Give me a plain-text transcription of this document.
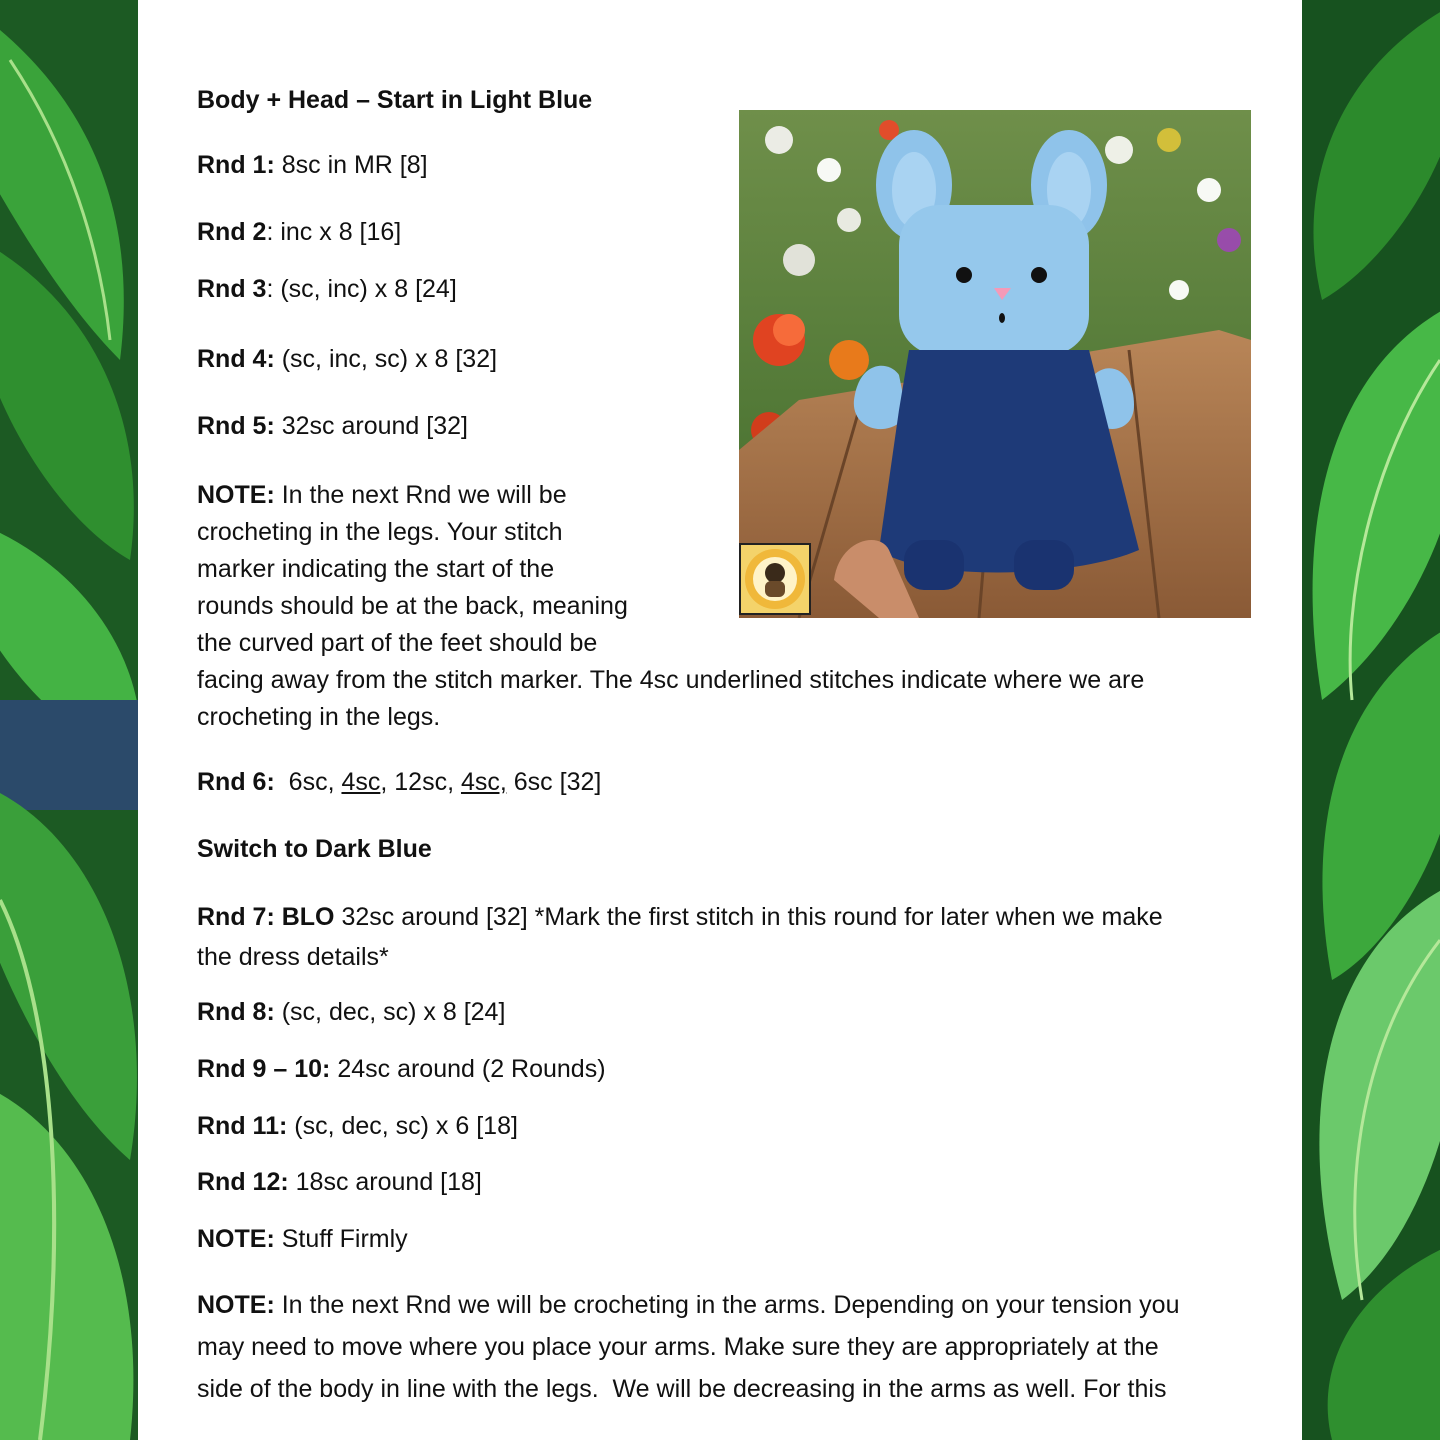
Body + Head – Start in Light Blue
Rnd 1: 8sc in MR [8]
Rnd 2: inc x 8 [16]
Rnd 3: (sc, inc) x 8 [24]
Rnd 4: (sc, inc, sc) x 8 [32]
Rnd 5: 32sc around [32]
NOTE: In the next Rnd we will be
crocheting in the legs. Your stitch
marker indicating the start of the
rounds should be at the back, meaning
the curved part of the feet should be
facing away from the stitch marker. The 4sc underlined stitches indicate where we are
crocheting in the legs.
Rnd 6:  6sc, 4sc, 12sc, 4sc, 6sc [32]
Switch to Dark Blue
Rnd 7: BLO 32sc around [32] *Mark the first stitch in this round for later when we make
the dress details*
Rnd 8: (sc, dec, sc) x 8 [24]
Rnd 9 – 10: 24sc around (2 Rounds)
Rnd 11: (sc, dec, sc) x 6 [18]
Rnd 12: 18sc around [18]
NOTE: Stuff Firmly
NOTE: In the next Rnd we will be crocheting in the arms. Depending on your tension you
may need to move where you place your arms. Make sure they are appropriately at the
side of the body in line with the legs.  We will be decreasing in the arms as well. For this
